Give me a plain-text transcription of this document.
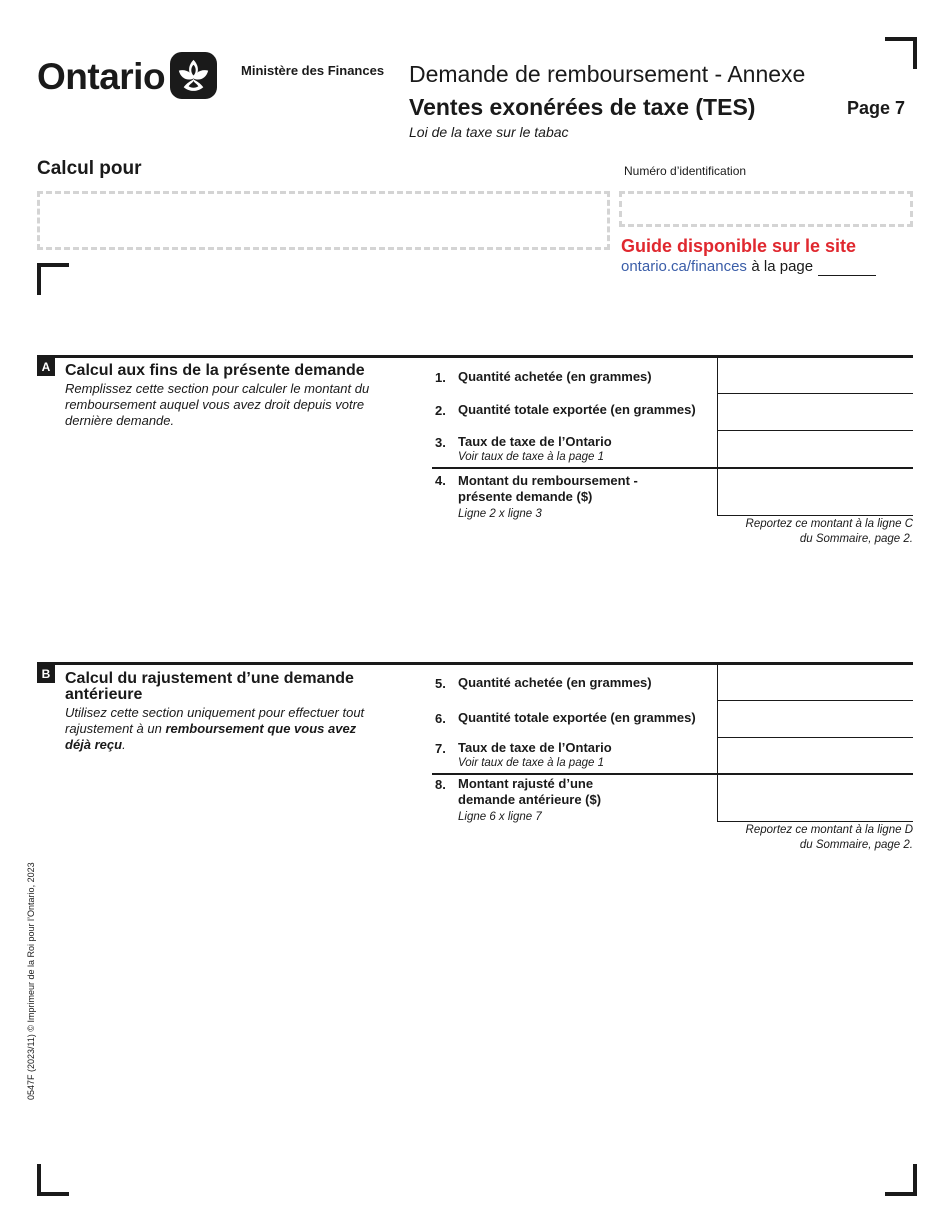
Ontario	Ministère des Finances Demande de remboursement - Annexe
Ventes exonérées de taxe (TES)	Page 7
Loi de la taxe sur le tabac
Calcul pour	Numéro d’identification
Guide disponible sur le site
ontario.ca/finances à la page
A Calcul aux fins de la présente demande
Remplissez cette section pour calculer le montant du remboursement auquel vous avez droit depuis votre dernière demande.
1. Quantité achetée (en grammes)
2. Quantité totale exportée (en grammes)
3. Taux de taxe de l’Ontario
Voir taux de taxe à la page 1
4. Montant du remboursement -
présente demande ($)
Ligne 2 x ligne 3
Reportez ce montant à la ligne C
du Sommaire, page 2.
B Calcul du rajustement d’une demande
antérieure
Utilisez cette section uniquement pour effectuer tout
rajustement à un remboursement que vous avez
déjà reçu.
5. Quantité achetée (en grammes)
6. Quantité totale exportée (en grammes)
7. Taux de taxe de l’Ontario
Voir taux de taxe à la page 1
8. Montant rajusté d’une
demande antérieure ($)
Ligne 6 x ligne 7
Reportez ce montant à la ligne D
du Sommaire, page 2.
0547F (2023/11) © Imprimeur de la Roi pour l’Ontario, 2023
